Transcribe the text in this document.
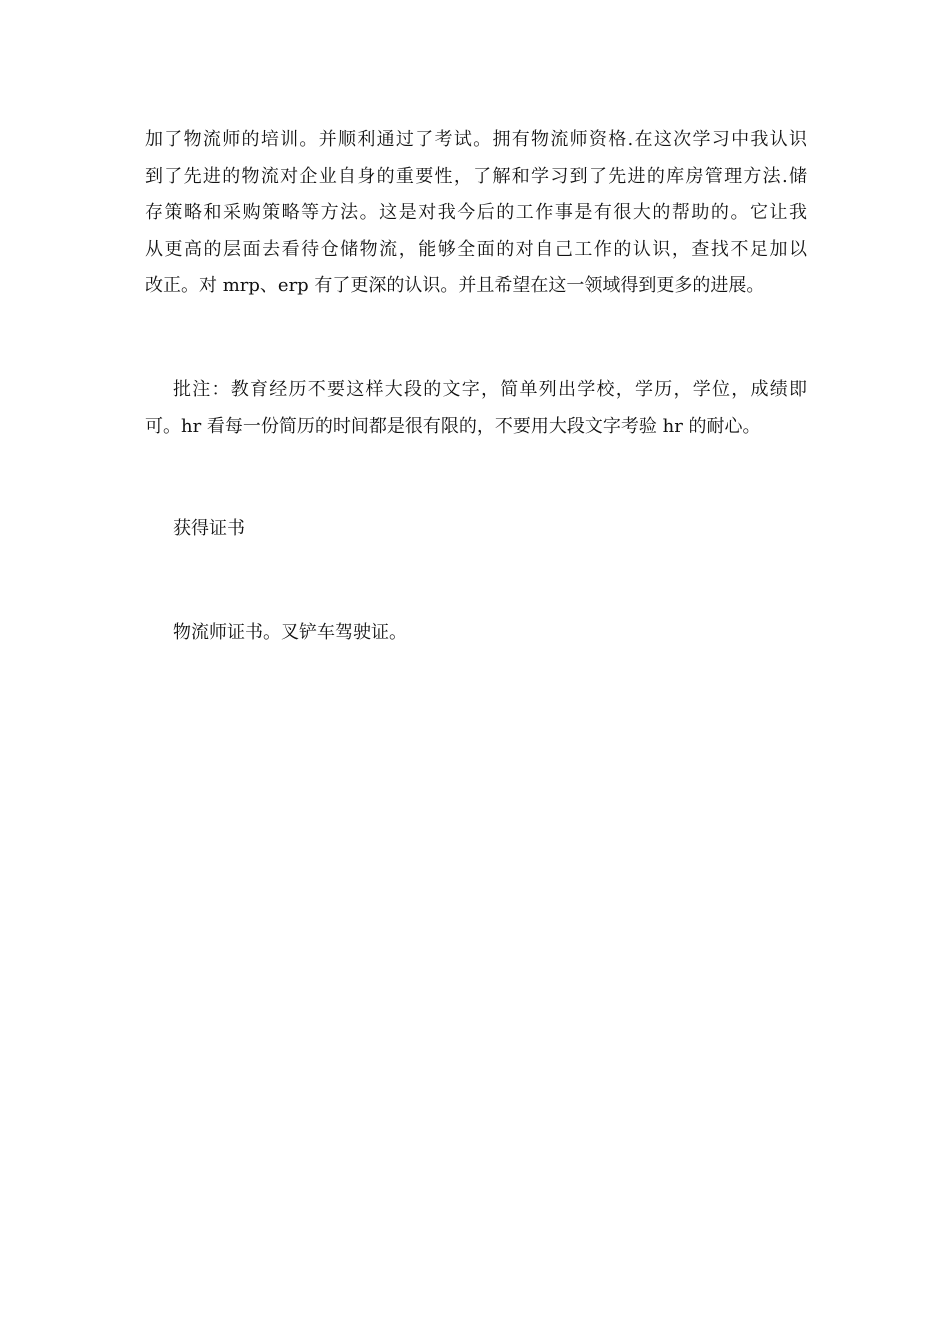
加了物流师的培训。并顺利通过了考试。拥有物流师资格.在这次学习中我认识
到了先进的物流对企业自身的重要性，了解和学习到了先进的库房管理方法.储
存策略和采购策略等方法。这是对我今后的工作事是有很大的帮助的。它让我
从更高的层面去看待仓储物流，能够全面的对自己工作的认识，查找不足加以
改正。对 mrp、erp 有了更深的认识。并且希望在这一领域得到更多的进展。
批注：教育经历不要这样大段的文字，简单列出学校，学历，学位，成绩即
可。hr 看每一份简历的时间都是很有限的，不要用大段文字考验 hr 的耐心。
获得证书
物流师证书。叉铲车驾驶证。
